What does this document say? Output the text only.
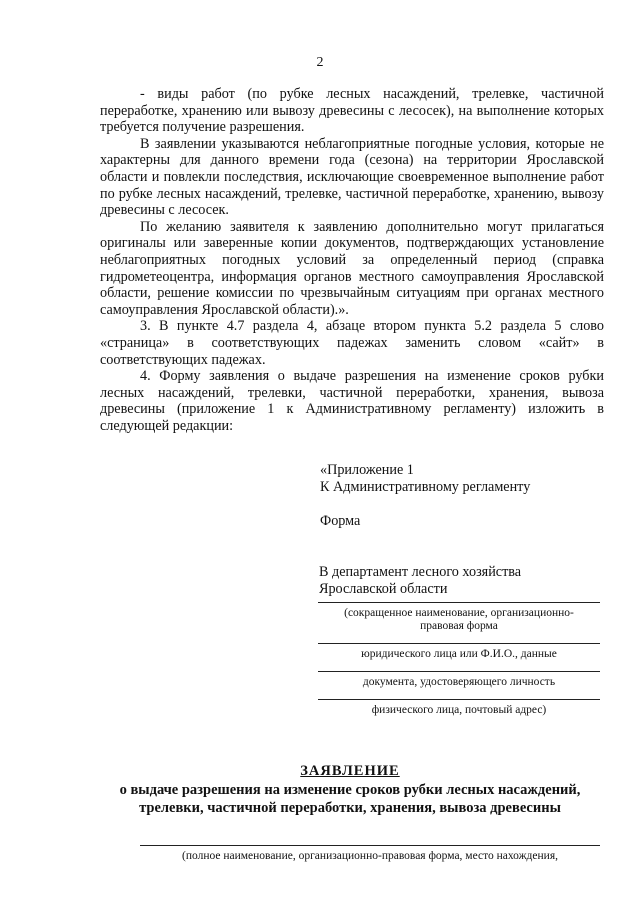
2

- виды работ (по рубке лесных насаждений, трелевке, частичной переработке, хранению или вывозу древесины с лесосек), на выполнение которых требуется получение разрешения.

В заявлении указываются неблагоприятные погодные условия, которые не характерны для данного времени года (сезона) на территории Ярославской области и повлекли последствия, исключающие своевременное выполнение работ по рубке лесных насаждений, трелевке, частичной переработке, хранению, вывозу древесины с лесосек.

По желанию заявителя к заявлению дополнительно могут прилагаться оригиналы или заверенные копии документов, подтверждающих установление неблагоприятных погодных условий за определенный период (справка гидрометеоцентра, информация органов местного самоуправления Ярославской области, решение комиссии по чрезвычайным ситуациям при органах местного самоуправления Ярославской области).».

3. В пункте 4.7 раздела 4, абзаце втором пункта 5.2 раздела 5 слово «страница» в соответствующих падежах заменить словом «сайт» в соответствующих падежах.

4. Форму заявления о выдаче разрешения на изменение сроков рубки лесных насаждений, трелевки, частичной переработки, хранения, вывоза древесины (приложение 1 к Административному регламенту) изложить в следующей редакции:

«Приложение 1
К Административному регламенту
Форма
В департамент лесного хозяйства
Ярославской области
(сокращенное наименование, организационно-
правовая форма
юридического лица или Ф.И.О., данные
документа, удостоверяющего личность
физического лица, почтовый адрес)
ЗАЯВЛЕНИЕ
о выдаче разрешения на изменение сроков рубки лесных насаждений,
трелевки, частичной переработки, хранения, вывоза древесины
(полное наименование, организационно-правовая форма, место нахождения,
